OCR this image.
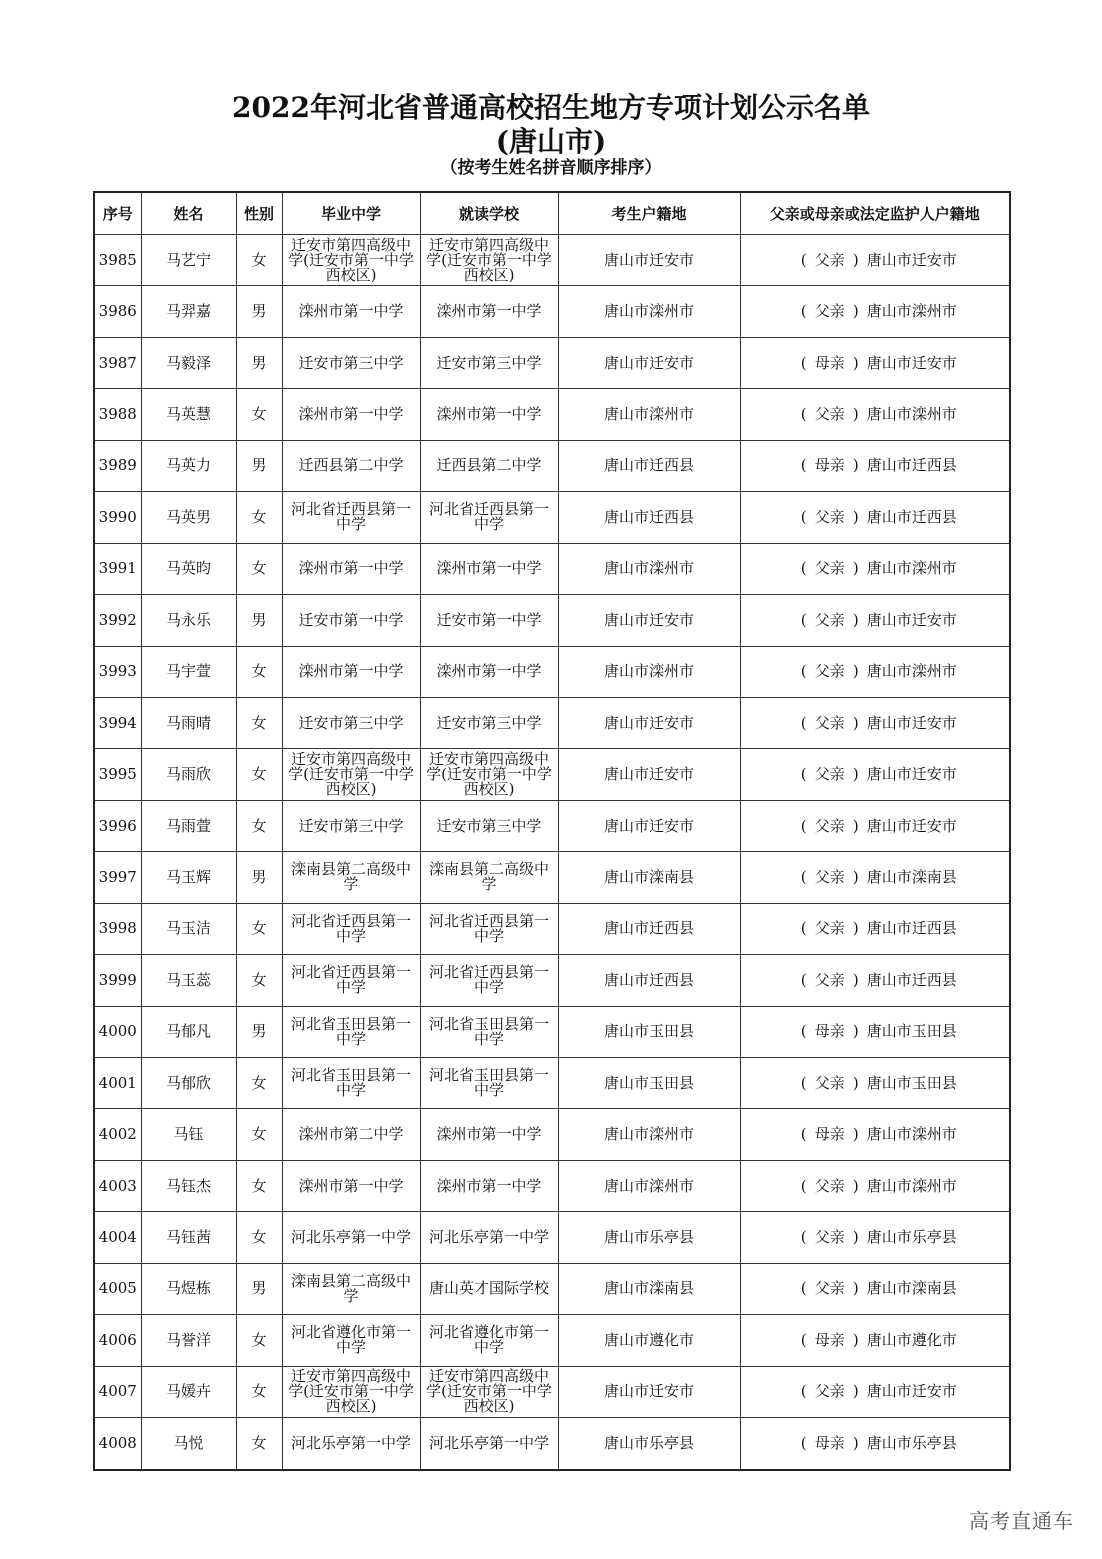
2022年河北省普通高校招生地方专项计划公示名单
(唐山市)
（按考生姓名拼音顺序排序）
序号	姓名	性别	毕业中学	就读学校	考生户籍地	父亲或母亲或法定监护人户籍地
3985	马艺宁	女	迁安市第四高级中学(迁安市第一中学西校区)	迁安市第四高级中学(迁安市第一中学西校区)	唐山市迁安市	( 父亲 ) 唐山市迁安市
3986	马羿嘉	男	滦州市第一中学	滦州市第一中学	唐山市滦州市	( 父亲 ) 唐山市滦州市
3987	马毅泽	男	迁安市第三中学	迁安市第三中学	唐山市迁安市	( 母亲 ) 唐山市迁安市
3988	马英慧	女	滦州市第一中学	滦州市第一中学	唐山市滦州市	( 父亲 ) 唐山市滦州市
3989	马英力	男	迁西县第二中学	迁西县第二中学	唐山市迁西县	( 母亲 ) 唐山市迁西县
3990	马英男	女	河北省迁西县第一中学	河北省迁西县第一中学	唐山市迁西县	( 父亲 ) 唐山市迁西县
3991	马英昀	女	滦州市第一中学	滦州市第一中学	唐山市滦州市	( 父亲 ) 唐山市滦州市
3992	马永乐	男	迁安市第一中学	迁安市第一中学	唐山市迁安市	( 父亲 ) 唐山市迁安市
3993	马宇萱	女	滦州市第一中学	滦州市第一中学	唐山市滦州市	( 父亲 ) 唐山市滦州市
3994	马雨晴	女	迁安市第三中学	迁安市第三中学	唐山市迁安市	( 父亲 ) 唐山市迁安市
3995	马雨欣	女	迁安市第四高级中学(迁安市第一中学西校区)	迁安市第四高级中学(迁安市第一中学西校区)	唐山市迁安市	( 父亲 ) 唐山市迁安市
3996	马雨萱	女	迁安市第三中学	迁安市第三中学	唐山市迁安市	( 父亲 ) 唐山市迁安市
3997	马玉辉	男	滦南县第二高级中学	滦南县第二高级中学	唐山市滦南县	( 父亲 ) 唐山市滦南县
3998	马玉洁	女	河北省迁西县第一中学	河北省迁西县第一中学	唐山市迁西县	( 父亲 ) 唐山市迁西县
3999	马玉蕊	女	河北省迁西县第一中学	河北省迁西县第一中学	唐山市迁西县	( 父亲 ) 唐山市迁西县
4000	马郁凡	男	河北省玉田县第一中学	河北省玉田县第一中学	唐山市玉田县	( 母亲 ) 唐山市玉田县
4001	马郁欣	女	河北省玉田县第一中学	河北省玉田县第一中学	唐山市玉田县	( 父亲 ) 唐山市玉田县
4002	马钰	女	滦州市第二中学	滦州市第一中学	唐山市滦州市	( 母亲 ) 唐山市滦州市
4003	马钰杰	女	滦州市第一中学	滦州市第一中学	唐山市滦州市	( 父亲 ) 唐山市滦州市
4004	马钰茜	女	河北乐亭第一中学	河北乐亭第一中学	唐山市乐亭县	( 父亲 ) 唐山市乐亭县
4005	马煜栋	男	滦南县第二高级中学	唐山英才国际学校	唐山市滦南县	( 父亲 ) 唐山市滦南县
4006	马誉洋	女	河北省遵化市第一中学	河北省遵化市第一中学	唐山市遵化市	( 母亲 ) 唐山市遵化市
4007	马媛卉	女	迁安市第四高级中学(迁安市第一中学西校区)	迁安市第四高级中学(迁安市第一中学西校区)	唐山市迁安市	( 父亲 ) 唐山市迁安市
4008	马悦	女	河北乐亭第一中学	河北乐亭第一中学	唐山市乐亭县	( 母亲 ) 唐山市乐亭县
高考直通车
